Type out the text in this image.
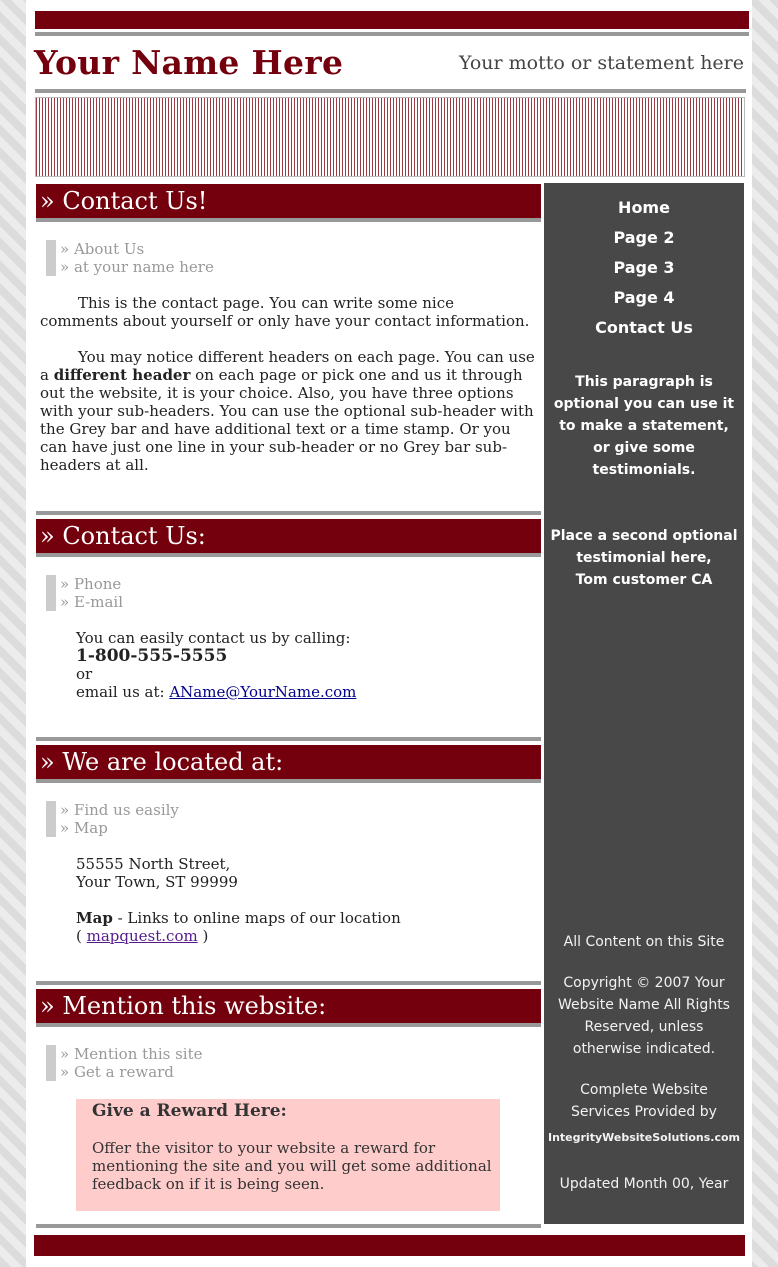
Your Name Here	Your motto or statement here
» Contact Us!
» About Us
» at your name here
This is the contact page. You can write some nice comments about yourself or only have your contact information.
You may notice different headers on each page. You can use a different header on each page or pick one and us it through out the website, it is your choice. Also, you have three options with your sub-headers. You can use the optional sub-header with the Grey bar and have additional text or a time stamp. Or you can have just one line in your sub-header or no Grey bar sub-headers at all.
» Contact Us:
» Phone
» E-mail
You can easily contact us by calling:
1-800-555-5555
or
email us at: AName@YourName.com
» We are located at:
» Find us easily
» Map
55555 North Street,
Your Town, ST 99999
Map - Links to online maps of our location
( mapquest.com )
» Mention this website:
» Mention this site
» Get a reward
Give a Reward Here:
Offer the visitor to your website a reward for mentioning the site and you will get some additional feedback on if it is being seen.
Home
Page 2
Page 3
Page 4
Contact Us
This paragraph is optional you can use it to make a statement, or give some testimonials.
Place a second optional testimonial here,
Tom customer CA
All Content on this Site
Copyright © 2007 Your Website Name All Rights Reserved, unless otherwise indicated.
Complete Website Services Provided by
IntegrityWebsiteSolutions.com
Updated Month 00, Year
